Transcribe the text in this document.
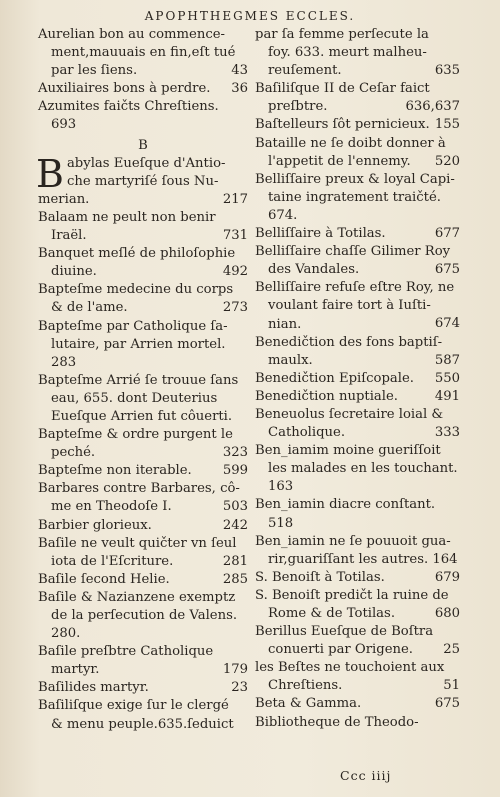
APOPHTHEGMES ECCLES.
Aurelian bon au commence-
ment,mauuais en fin,eſt tué
par les ſiens.	43
Auxiliaires bons à perdre.	36
Azumites faičts Chreſtiens.
693
B
B abylas Eueſque d'Antio-
che martyriſé ſous Nu-
merian.	217
Balaam ne peult non benir
Iraël.	731
Banquet meſlé de philoſophie
diuine.	492
Bapteſme medecine du corps
& de l'ame.	273
Bapteſme par Catholique ſa-
lutaire, par Arrien mortel.
283
Bapteſme Arrié ſe trouue ſans
eau, 655. dont Deuterius
Eueſque Arrien fut côuerti.
Bapteſme & ordre purgent le
peché.	323
Bapteſme non iterable.	599
Barbares contre Barbares, cô-
me en Theodoſe I.	503
Barbier glorieux.	242
Baſile ne veult quičter vn ſeul
iota de l'Eſcriture.	281
Baſile ſecond Helie.	285
Baſile & Nazianzene exemptz
de la perſecution de Valens.
280.
Baſile preſbtre Catholique
martyr.	179
Baſilides martyr.	23
Baſiliſque exige ſur le clergé
& menu peuple.635.ſeduict
par ſa femme perſecute la
foy. 633. meurt malheu-
reuſement.	635
Baſiliſque II de Ceſar faict
preſbtre.	636,637
Baſtelleurs ſôt pernicieux. 155
Bataille ne ſe doibt donner à
l'appetit de l'ennemy.	520
Belliſſaire preux & loyal Capi-
taine ingratement traičté.
674.
Belliſſaire à Totilas.	677
Belliſſaire chaſſe Gilimer Roy
des Vandales.	675
Belliſſaire refuſe eſtre Roy, ne
voulant faire tort à Iuſti-
nian.	674
Benedičtion des fons baptiſ-
maulx.	587
Benedičtion Epiſcopale.	550
Benedičtion nuptiale.	491
Beneuolus ſecretaire loial &
Catholique.	333
Ben_iamim moine gueriſſoit
les malades en les touchant.
163
Ben_iamin diacre conſtant.
518
Ben_iamin ne ſe pouuoit gua-
rir,guariſſant les autres. 164
S. Benoiſt à Totilas.	679
S. Benoiſt predičt la ruine de
Rome & de Totilas.	680
Berillus Eueſque de Boſtra
conuerti par Origene.	25
les Beſtes ne touchoient aux
Chreſtiens.	51
Beta & Gamma.	675
Bibliotheque de Theodo-
Ccc iiij
